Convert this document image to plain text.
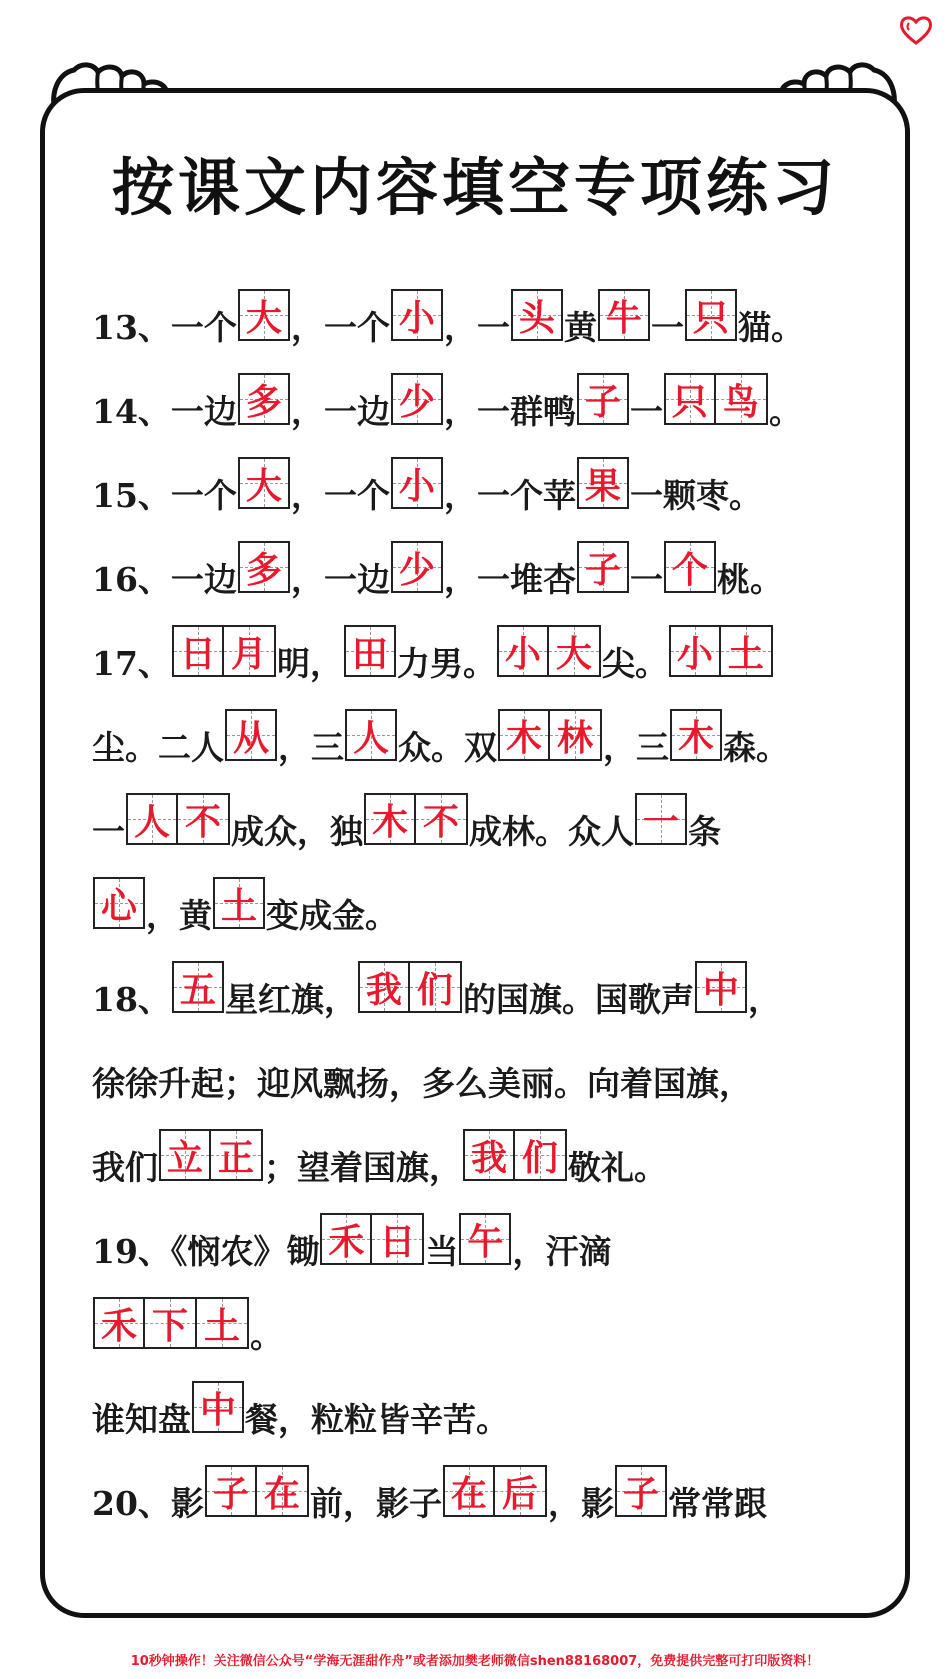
按课文内容填空专项练习
13、一个 大 ，一个 小 ，一 头 黄 牛 一 只 猫。
14、一边 多 ，一边 少 ，一群鸭 子 一 只 鸟 。
15、一个 大 ，一个 小 ，一个苹 果 一颗枣。
16、一边 多 ，一边 少 ，一堆杏 子 一 个 桃。
17、 日 月 明， 田 力男。 小 大 尖。 小 土
尘。二人 从 ，三 人 众。双 木 林 ，三 木 森。
一 人 不 成众，独 木 不 成林。众人 一 条
心 ，黄 土 变成金。
18、 五 星红旗， 我 们 的国旗。国歌声 中 ，
徐徐升起；迎风飘扬，多么美丽。向着国旗，
我们 立 正 ；望着国旗， 我 们 敬礼。
19、《悯农》锄 禾 日 当 午 ，汗滴
禾 下 土 。
谁知盘 中 餐，粒粒皆辛苦。
20、影 子 在 前，影子 在 后 ，影 子 常常跟
10秒钟操作！关注微信公众号“学海无涯甜作舟”或者添加樊老师微信shen88168007，免费提供完整可打印版资料！
